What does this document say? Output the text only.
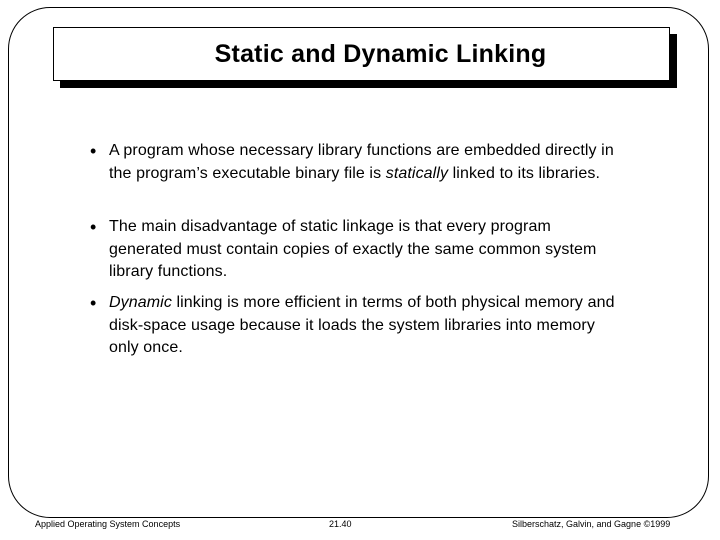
Static and Dynamic Linking
• A program whose necessary library functions are embedded directly in the program’s executable binary file is statically linked to its libraries.
• The main disadvantage of static linkage is that every program generated must contain copies of exactly the same common system library functions.
• Dynamic linking is more efficient in terms of both physical memory and disk-space usage because it loads the system libraries into memory only once.
Applied Operating System Concepts	21.40	Silberschatz, Galvin, and Gagne ©1999
